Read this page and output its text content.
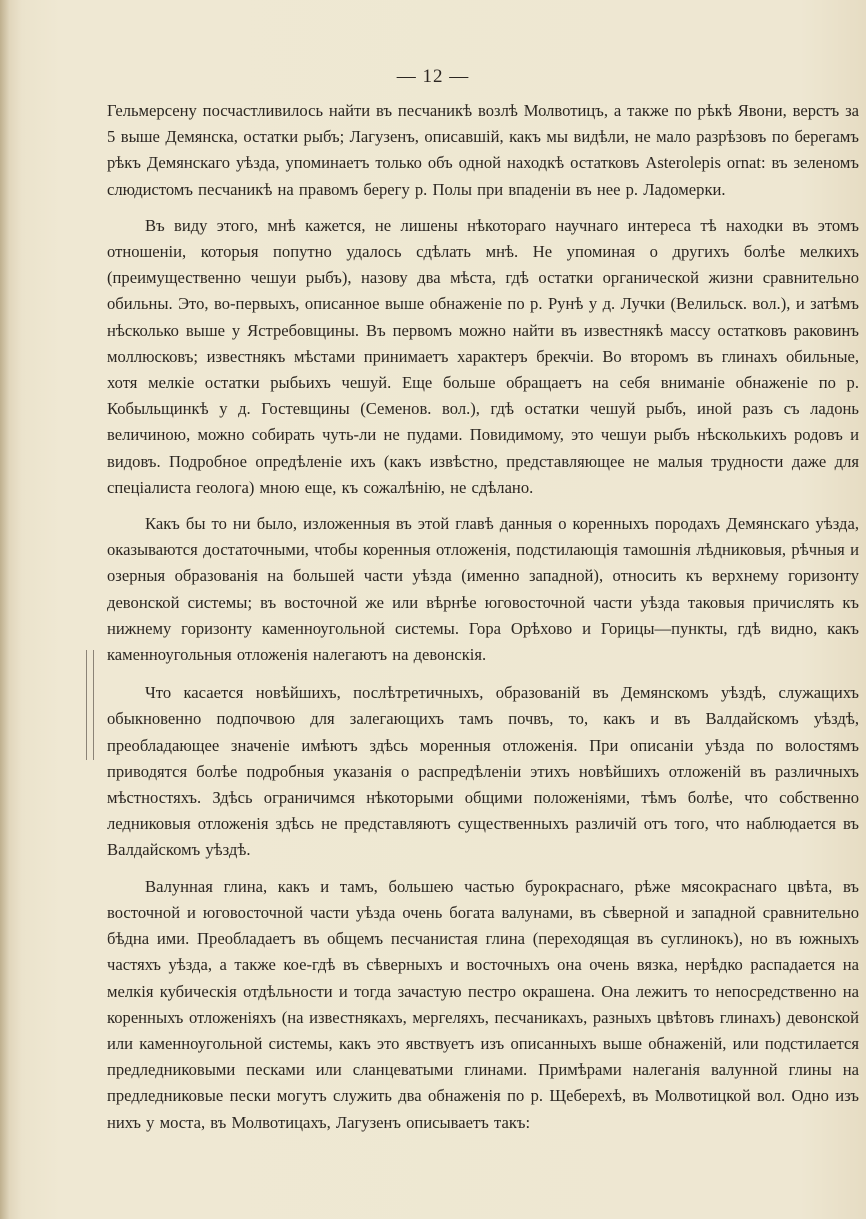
— 12 —

Гельмерсену посчастливилось найти въ песчаникѣ возлѣ Молвотицъ, а также по рѣкѣ Явони, верстъ за 5 выше Демянска, остатки рыбъ; Лагузенъ, описавшій, какъ мы видѣли, не мало разрѣзовъ по берегамъ рѣкъ Демянскаго уѣзда, упоминаетъ только объ одной находкѣ остатковъ Asterolepis ornat: въ зеленомъ слюдистомъ песчаникѣ на правомъ берегу р. Полы при впаденіи въ нее р. Ладомерки.

Въ виду этого, мнѣ кажется, не лишены нѣкотораго научнаго интереса тѣ находки въ этомъ отношеніи, которыя попутно удалось сдѣлать мнѣ. Не упоминая о другихъ болѣе мелкихъ (преимущественно чешуи рыбъ), назову два мѣста, гдѣ остатки органической жизни сравнительно обильны. Это, во-первыхъ, описанное выше обнаженіе по р. Рунѣ у д. Лучки (Велильск. вол.), и затѣмъ нѣсколько выше у Ястребовщины. Въ первомъ можно найти въ известнякѣ массу остатковъ раковинъ моллюсковъ; известнякъ мѣстами принимаетъ характеръ брекчіи. Во второмъ въ глинахъ обильные, хотя мелкіе остатки рыбьихъ чешуй. Еще больше обращаетъ на себя вниманіе обнаженіе по р. Кобыльщинкѣ у д. Гостевщины (Семенов. вол.), гдѣ остатки чешуй рыбъ, иной разъ съ ладонь величиною, можно собирать чуть-ли не пудами. Повидимому, это чешуи рыбъ нѣсколькихъ родовъ и видовъ. Подробное опредѣленіе ихъ (какъ извѣстно, представляющее не малыя трудности даже для спеціалиста геолога) мною еще, къ сожалѣнію, не сдѣлано.

Какъ бы то ни было, изложенныя въ этой главѣ данныя о коренныхъ породахъ Демянскаго уѣзда, оказываются достаточными, чтобы коренныя отложенія, подстилающія тамошнія лѣдниковыя, рѣчныя и озерныя образованія на большей части уѣзда (именно западной), относить къ верхнему горизонту девонской системы; въ восточной же или вѣрнѣе юговосточной части уѣзда таковыя причислять къ нижнему горизонту каменноугольной системы. Гора Орѣхово и Горицы—пункты, гдѣ видно, какъ каменноугольныя отложенія налегаютъ на девонскія.

Что касается новѣйшихъ, послѣтретичныхъ, образованій въ Демянскомъ уѣздѣ, служащихъ обыкновенно подпочвою для залегающихъ тамъ почвъ, то, какъ и въ Валдайскомъ уѣздѣ, преобладающее значеніе имѣютъ здѣсь моренныя отложенія. При описаніи уѣзда по волостямъ приводятся болѣе подробныя указанія о распредѣленіи этихъ новѣйшихъ отложеній въ различныхъ мѣстностяхъ. Здѣсь ограничимся нѣкоторыми общими положеніями, тѣмъ болѣе, что собственно ледниковыя отложенія здѣсь не представляютъ существенныхъ различій отъ того, что наблюдается въ Валдайскомъ уѣздѣ.

Валунная глина, какъ и тамъ, большею частью бурокраснаго, рѣже мясокраснаго цвѣта, въ восточной и юговосточной части уѣзда очень богата валунами, въ сѣверной и западной сравнительно бѣдна ими. Преобладаетъ въ общемъ песчанистая глина (переходящая въ суглинокъ), но въ южныхъ частяхъ уѣзда, а также кое-гдѣ въ сѣверныхъ и восточныхъ она очень вязка, нерѣдко распадается на мелкія кубическія отдѣльности и тогда зачастую пестро окрашена. Она лежитъ то непосредственно на коренныхъ отложеніяхъ (на известнякахъ, мергеляхъ, песчаникахъ, разныхъ цвѣтовъ глинахъ) девонской или каменноугольной системы, какъ это явствуетъ изъ описанныхъ выше обнаженій, или подстилается предледниковыми песками или сланцеватыми глинами. Примѣрами налеганія валунной глины на предледниковые пески могутъ служить два обнаженія по р. Щеберехѣ, въ Молвотицкой вол. Одно изъ нихъ у моста, въ Молвотицахъ, Лагузенъ описываетъ такъ:
